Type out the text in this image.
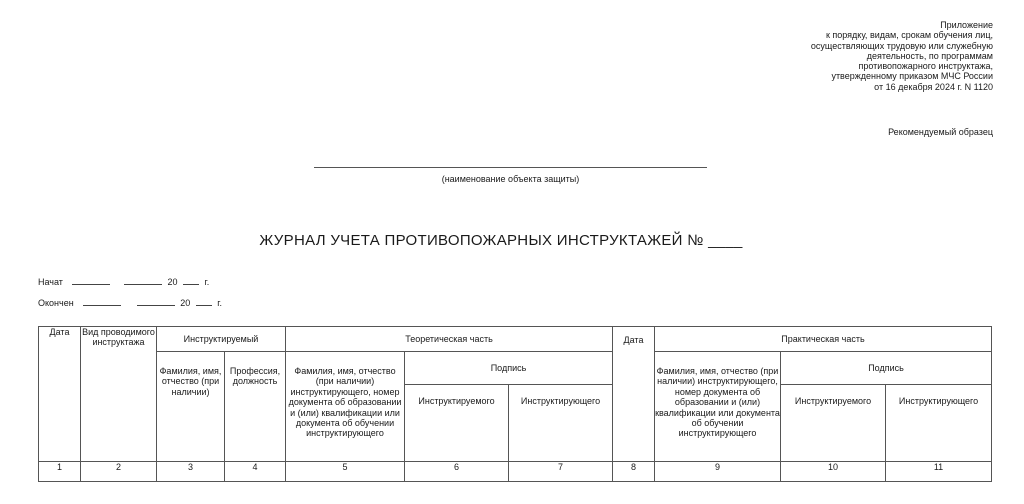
Приложение
к порядку, видам, срокам обучения лиц,
осуществляющих трудовую или служебную
деятельность, по программам
противопожарного инструктажа,
утвержденному приказом МЧС России
от 16 декабря 2024 г. N 1120
Рекомендуемый образец
(наименование объекта защиты)
ЖУРНАЛ УЧЕТА ПРОТИВОПОЖАРНЫХ ИНСТРУКТАЖЕЙ № ____
Начат	20	г.
Окончен	20	г.
Дата	Вид проводимого инструктажа	Инструктируемый		Теоретическая часть			Дата	Практическая часть		
		Фамилия, имя, отчество (при наличии)	Профессия, должность	Фамилия, имя, отчество (при наличии) инструктирующего, номер документа об образовании и (или) квалификации или документа об обучении инструктирующего	Подпись			Фамилия, имя, отчество (при наличии) инструктирующего, номер документа об образовании и (или) квалификации или документа об обучении инструктирующего	Подпись	
					Инструктируемого	Инструктирующего			Инструктируемого	Инструктирующего
1	2	3	4	5	6	7	8	9	10	11
